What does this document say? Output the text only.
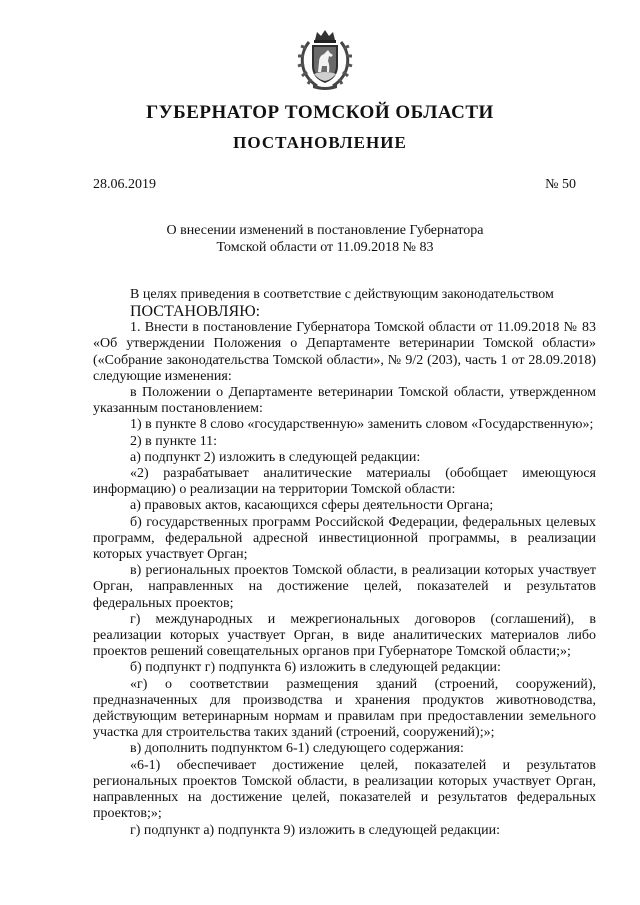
ГУБЕРНАТОР ТОМСКОЙ ОБЛАСТИ
ПОСТАНОВЛЕНИЕ
28.06.2019	№ 50
О внесении изменений в постановление Губернатора
Томской области от 11.09.2018 № 83

В целях приведения в соответствие с действующим законодательством

ПОСТАНОВЛЯЮ:

1. Внести в постановление Губернатора Томской области от 11.09.2018 № 83 «Об утверждении Положения о Департаменте ветеринарии Томской области» («Собрание законодательства Томской области», № 9/2 (203), часть 1 от 28.09.2018) следующие изменения:

в Положении о Департаменте ветеринарии Томской области, утвержденном указанным постановлением:

1) в пункте 8 слово «государственную» заменить словом «Государственную»;

2) в пункте 11:

а) подпункт 2) изложить в следующей редакции:

«2) разрабатывает аналитические материалы (обобщает имеющуюся информацию) о реализации на территории Томской области:

а) правовых актов, касающихся сферы деятельности Органа;

б) государственных программ Российской Федерации, федеральных целевых программ, федеральной адресной инвестиционной программы, в реализации которых участвует Орган;

в) региональных проектов Томской области, в реализации которых участвует Орган, направленных на достижение целей, показателей и результатов федеральных проектов;

г) международных и межрегиональных договоров (соглашений), в реализации которых участвует Орган, в виде аналитических материалов либо проектов решений совещательных органов при Губернаторе Томской области;»;

б) подпункт г) подпункта 6) изложить в следующей редакции:

«г) о соответствии размещения зданий (строений, сооружений), предназначенных для производства и хранения продуктов животноводства, действующим ветеринарным нормам и правилам при предоставлении земельного участка для строительства таких зданий (строений, сооружений);»;

в) дополнить подпунктом 6-1) следующего содержания:

«6-1) обеспечивает достижение целей, показателей и результатов региональных проектов Томской области, в реализации которых участвует Орган, направленных на достижение целей, показателей и результатов федеральных проектов;»;

г) подпункт а) подпункта 9) изложить в следующей редакции:
